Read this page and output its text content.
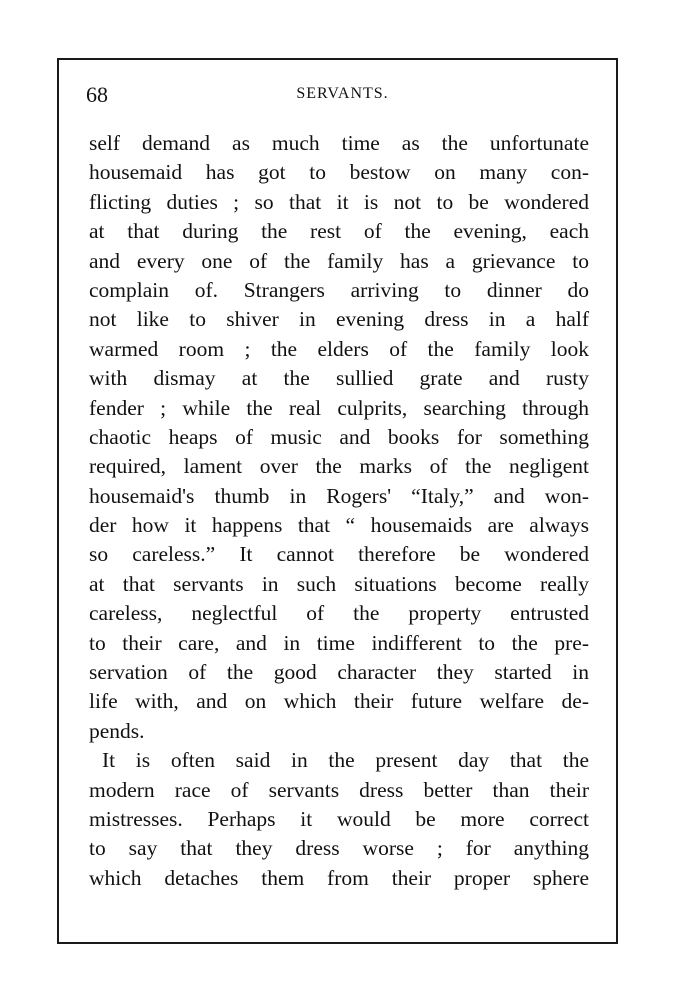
68	SERVANTS.
self demand as much time as the unfortunate
housemaid has got to bestow on many con-
flicting duties ; so that it is not to be wondered
at that during the rest of the evening, each
and every one of the family has a grievance to
complain of. Strangers arriving to dinner do
not like to shiver in evening dress in a half
warmed room ; the elders of the family look
with dismay at the sullied grate and rusty
fender ; while the real culprits, searching through
chaotic heaps of music and books for something
required, lament over the marks of the negligent
housemaid's thumb in Rogers' “Italy,” and won-
der how it happens that “ housemaids are always
so careless.” It cannot therefore be wondered
at that servants in such situations become really
careless, neglectful of the property entrusted
to their care, and in time indifferent to the pre-
servation of the good character they started in
life with, and on which their future welfare de-
pends.
It is often said in the present day that the
modern race of servants dress better than their
mistresses. Perhaps it would be more correct
to say that they dress worse ; for anything
which detaches them from their proper sphere
